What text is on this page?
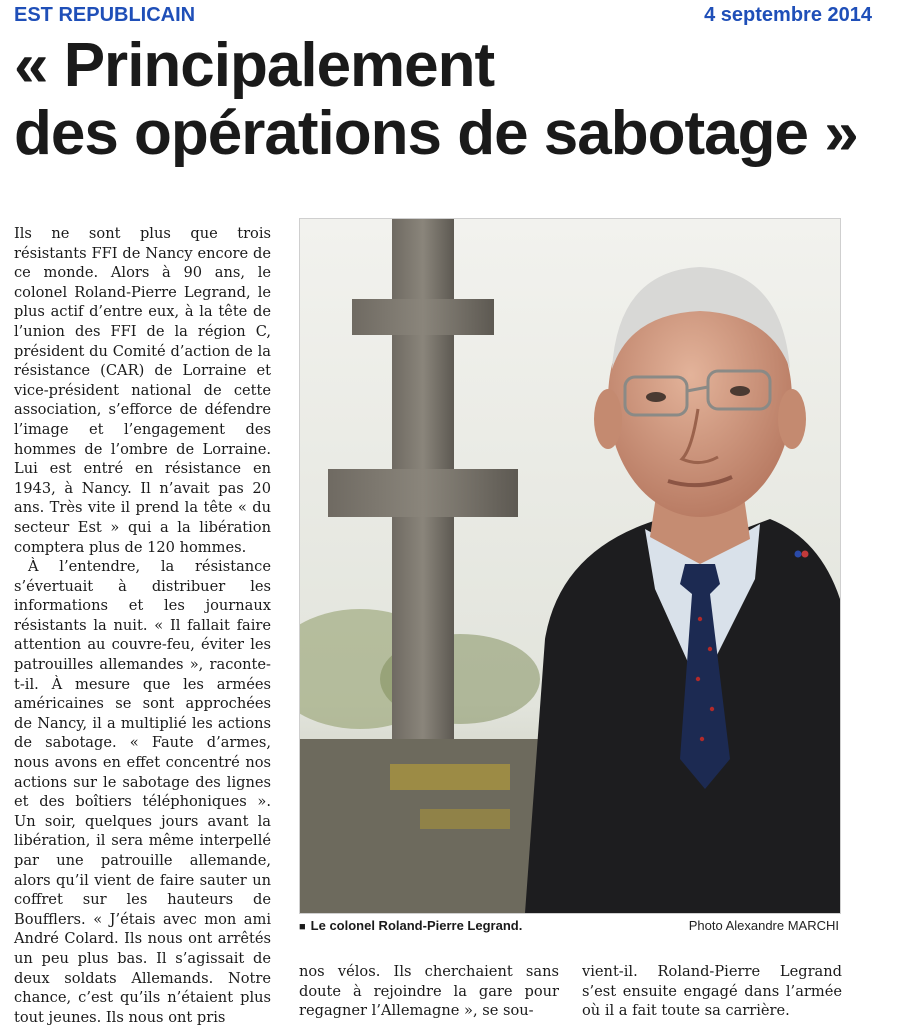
EST REPUBLICAIN	4 septembre 2014
« Principalement
des opérations de sabotage »

Ils ne sont plus que trois résistants FFI de Nancy encore de ce monde. Alors à 90 ans, le colonel Roland-Pierre Legrand, le plus actif d’entre eux, à la tête de l’union des FFI de la région C, président du Comité d’action de la résistance (CAR) de Lorraine et vice-président national de cette association, s’efforce de défendre l’image et l’engagement des hommes de l’ombre de Lorraine. Lui est entré en résistance en 1943, à Nancy. Il n’avait pas 20 ans. Très vite il prend la tête « du secteur Est » qui a la libération comptera plus de 120 hommes.

À l’entendre, la résistance s’évertuait à distribuer les informations et les journaux résistants la nuit. « Il fallait faire attention au couvre-feu, éviter les patrouilles allemandes », raconte-t-il. À mesure que les armées américaines se sont approchées de Nancy, il a multiplié les actions de sabotage. « Faute d’armes, nous avons en effet concentré nos actions sur le sabotage des lignes et des boîtiers téléphoniques ». Un soir, quelques jours avant la libération, il sera même interpellé par une patrouille allemande, alors qu’il vient de faire sauter un coffret sur les hauteurs de Boufflers. « J’étais avec mon ami André Colard. Ils nous ont arrêtés un peu plus bas. Il s’agissait de deux soldats Allemands. Notre chance, c’est qu’ils n’étaient plus tout jeunes. Ils nous ont pris

■ Le colonel Roland-Pierre Legrand.	Photo Alexandre MARCHI

nos vélos. Ils cherchaient sans doute à rejoindre la gare pour regagner l’Allemagne », se sou-

vient-il. Roland-Pierre Legrand s’est ensuite engagé dans l’armée où il a fait toute sa carrière.
